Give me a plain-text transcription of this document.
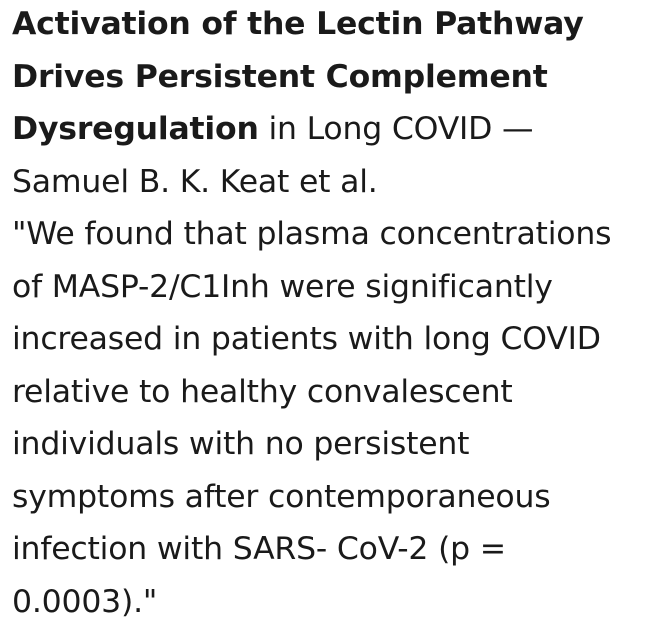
Activation of the Lectin Pathway
Drives Persistent Complement
Dysregulation in Long COVID —
Samuel B. K. Keat et al.
"We found that plasma concentrations
of MASP-2/C1Inh were significantly
increased in patients with long COVID
relative to healthy convalescent
individuals with no persistent
symptoms after contemporaneous
infection with SARS- CoV-2 (p =
0.0003)."
